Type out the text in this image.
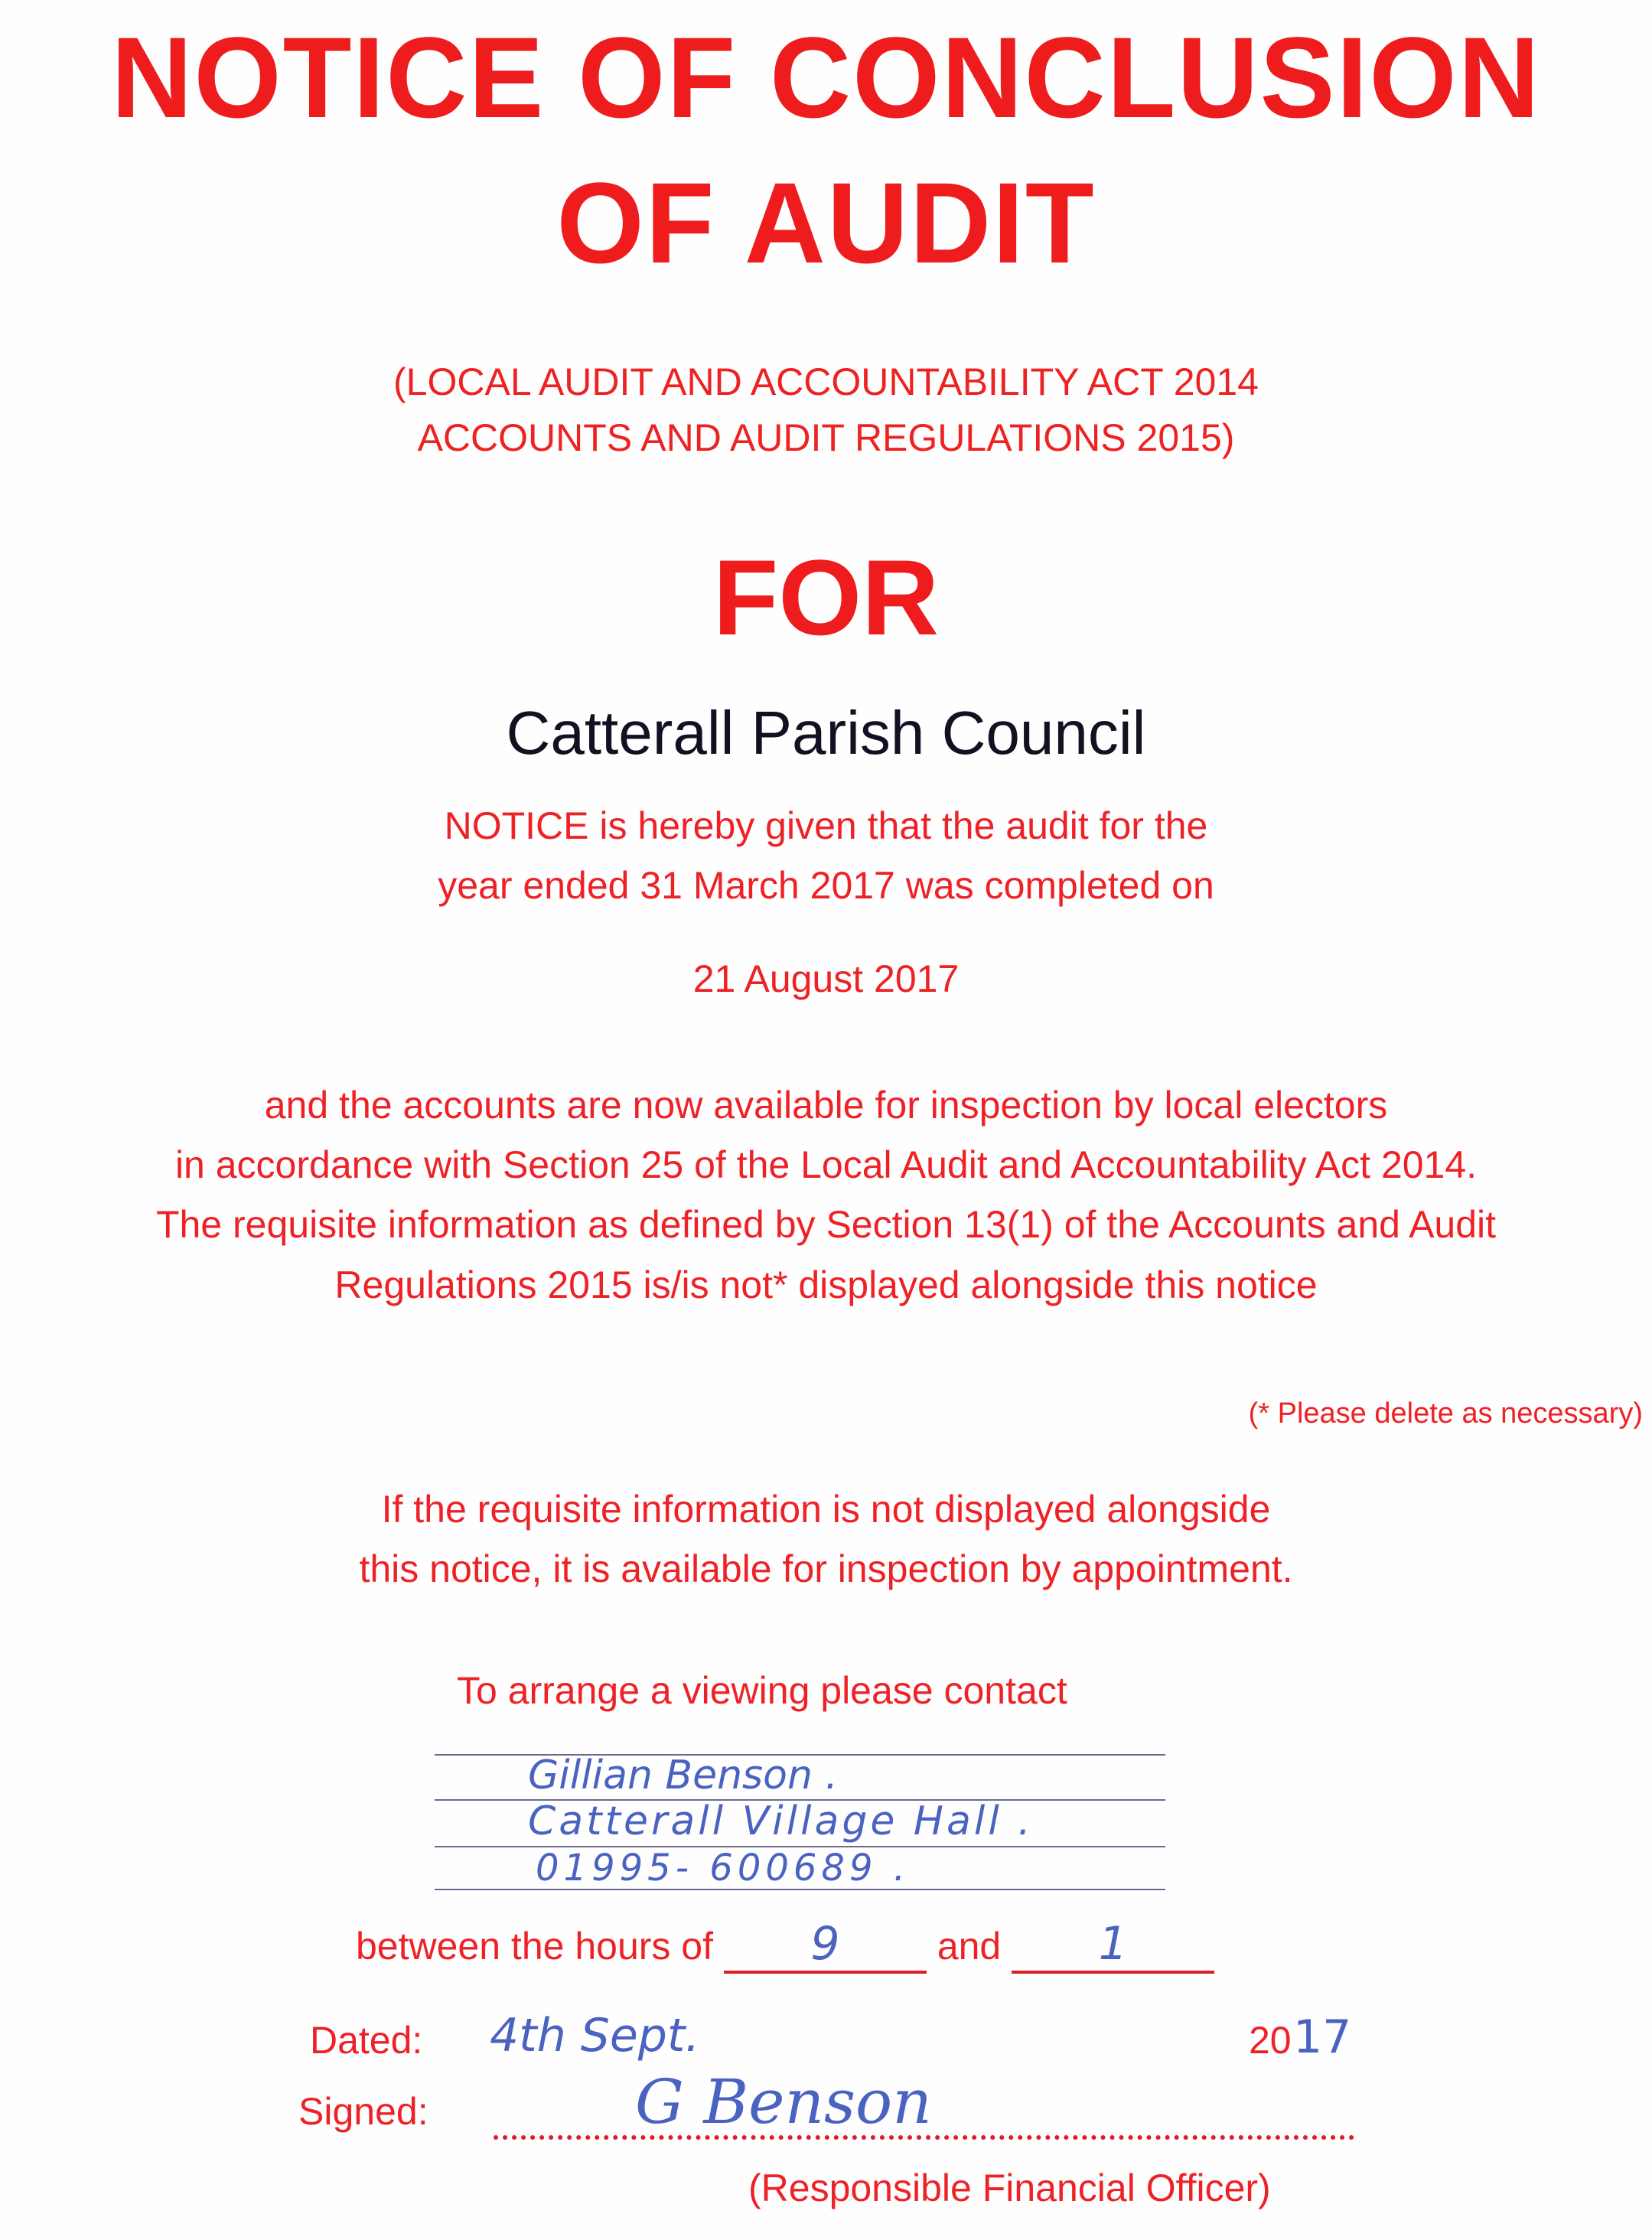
NOTICE OF CONCLUSION
OF AUDIT
(LOCAL AUDIT AND ACCOUNTABILITY ACT 2014
ACCOUNTS AND AUDIT REGULATIONS 2015)
FOR
Catterall Parish Council
NOTICE is hereby given that the audit for the
year ended 31 March 2017 was completed on
21 August 2017
and the accounts are now available for inspection by local electors
in accordance with Section 25 of the Local Audit and Accountability Act 2014.
The requisite information as defined by Section 13(1) of the Accounts and Audit
Regulations 2015 is/is not* displayed alongside this notice
(* Please delete as necessary)
If the requisite information is not displayed alongside
this notice, it is available for inspection by appointment.
To arrange a viewing please contact
Gillian Benson .
Catterall Village Hall .
01995- 600689 .
between the hours of 9	and 1
Dated: 4th Sept.	20 17
Signed:	G Benson
(Responsible Financial Officer)
